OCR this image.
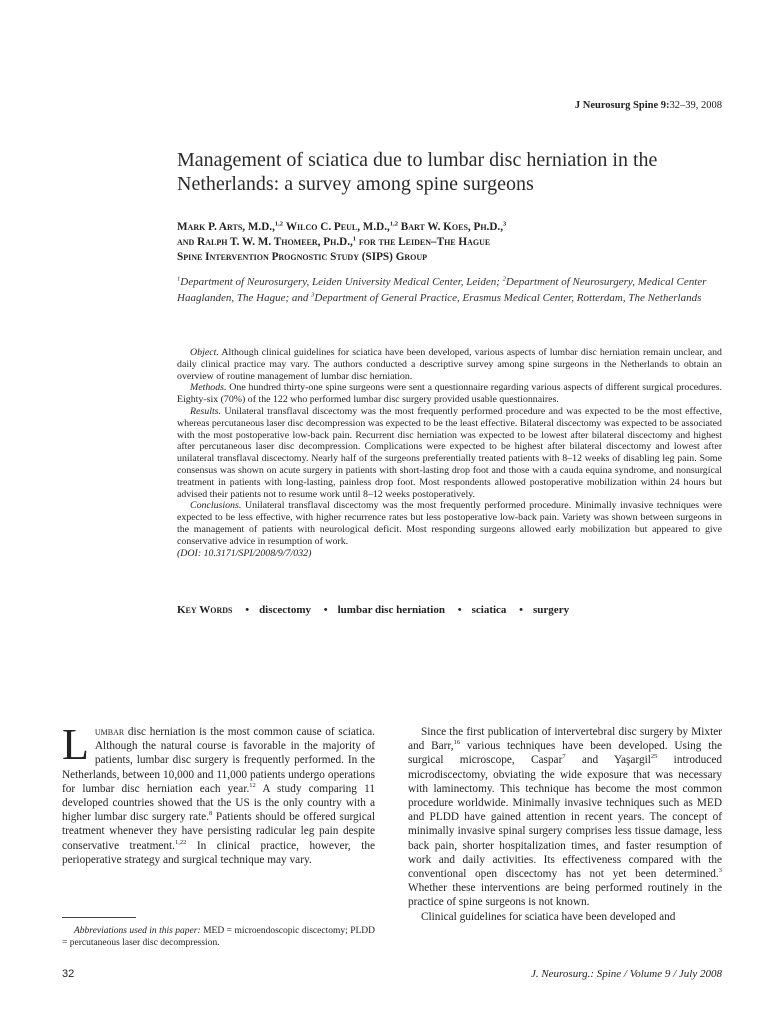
J Neurosurg Spine 9:32–39, 2008
Management of sciatica due to lumbar disc herniation in the Netherlands: a survey among spine surgeons
Mark P. Arts, M.D.,$^{1,2}$ Wilco C. Peul, M.D.,$^{1,2}$ Bart W. Koes, Ph.D.,$^3$
and Ralph T. W. M. Thomeer, Ph.D.,$^1$ for the Leiden–The Hague
Spine Intervention Prognostic Study (SIPS) Group
$^1$Department of Neurosurgery, Leiden University Medical Center, Leiden; $^2$Department of Neurosurgery, Medical Center Haaglanden, The Hague; and $^3$Department of General Practice, Erasmus Medical Center, Rotterdam, The Netherlands

Object. Although clinical guidelines for sciatica have been developed, various aspects of lumbar disc herniation remain unclear, and daily clinical practice may vary. The authors conducted a descriptive survey among spine surgeons in the Netherlands to obtain an overview of routine management of lumbar disc herniation.

Methods. One hundred thirty-one spine surgeons were sent a questionnaire regarding various aspects of different surgical procedures. Eighty-six (70%) of the 122 who performed lumbar disc surgery provided usable questionnaires.

Results. Unilateral transflaval discectomy was the most frequently performed procedure and was expected to be the most effective, whereas percutaneous laser disc decompression was expected to be the least effective. Bilateral discectomy was expected to be associated with the most postoperative low-back pain. Recurrent disc herniation was expected to be lowest after bilateral discectomy and highest after percutaneous laser disc decompression. Complications were expected to be highest after bilateral discectomy and lowest after unilateral transflaval discectomy. Nearly half of the surgeons preferentially treated patients with 8–12 weeks of disabling leg pain. Some consensus was shown on acute surgery in patients with short-lasting drop foot and those with a cauda equina syndrome, and nonsurgical treatment in patients with long-lasting, painless drop foot. Most respondents allowed postoperative mobilization within 24 hours but advised their patients not to resume work until 8–12 weeks postoperatively.

Conclusions. Unilateral transflaval discectomy was the most frequently performed procedure. Minimally invasive techniques were expected to be less effective, with higher recurrence rates but less postoperative low-back pain. Variety was shown between surgeons in the management of patients with neurological deficit. Most responding surgeons allowed early mobilization but appeared to give conservative advice in resumption of work.

(DOI: 10.3171/SPI/2008/9/7/032)

Key Words • discectomy • lumbar disc herniation • sciatica • surgery

Lumbar disc herniation is the most common cause of sciatica. Although the natural course is favorable in the majority of patients, lumbar disc surgery is frequently performed. In the Netherlands, between 10,000 and 11,000 patients undergo operations for lumbar disc herniation each year.$^{12}$ A study comparing 11 developed countries showed that the US is the only country with a higher lumbar disc surgery rate.$^8$ Patients should be offered surgical treatment whenever they have persisting radicular leg pain despite conservative treatment.$^{1,22}$ In clinical practice, however, the perioperative strategy and surgical technique may vary.

Abbreviations used in this paper: MED = microendoscopic discectomy; PLDD = percutaneous laser disc decompression.

Since the first publication of intervertebral disc surgery by Mixter and Barr,$^{16}$ various techniques have been developed. Using the surgical microscope, Caspar$^7$ and Yaşargil$^{25}$ introduced microdiscectomy, obviating the wide exposure that was necessary with laminectomy. This technique has become the most common procedure worldwide. Minimally invasive techniques such as MED and PLDD have gained attention in recent years. The concept of minimally invasive spinal surgery comprises less tissue damage, less back pain, shorter hospitalization times, and faster resumption of work and daily activities. Its effectiveness compared with the conventional open discectomy has not yet been determined.$^3$ Whether these interventions are being performed routinely in the practice of spine surgeons is not known.

Clinical guidelines for sciatica have been developed and

32	J. Neurosurg.: Spine / Volume 9 / July 2008
